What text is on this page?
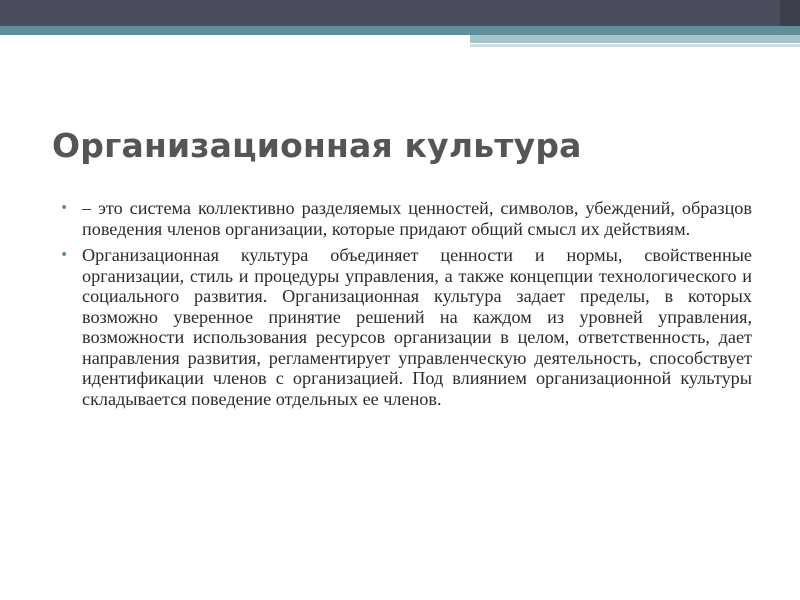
Организационная культура
• – это система коллективно разделяемых ценностей, символов, убеждений, образцов поведения членов организации, которые придают общий смысл их действиям.
• Организационная культура объединяет ценности и нормы, свойственные организации, стиль и процедуры управления, а также концепции технологического и социального развития. Организационная культура задает пределы, в которых возможно уверенное принятие решений на каждом из уровней управления, возможности использования ресурсов организации в целом, ответственность, дает направления развития, регламентирует управленческую деятельность, способствует идентификации членов с организацией. Под влиянием организационной культуры складывается поведение отдельных ее членов.
